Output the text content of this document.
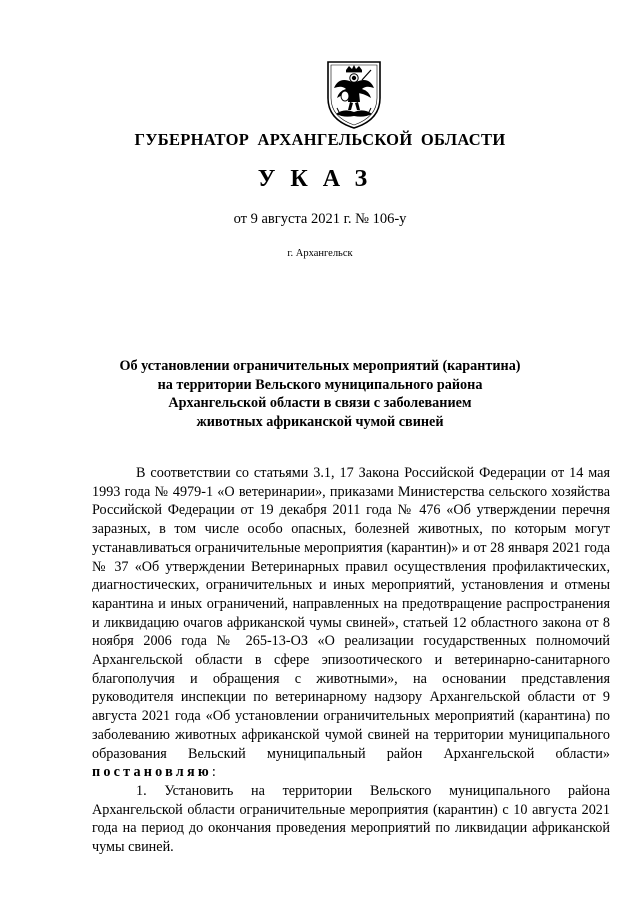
ГУБЕРНАТОР АРХАНГЕЛЬСКОЙ ОБЛАСТИ
УКАЗ
от 9 августа 2021 г. № 106-у
г. Архангельск
Об установлении ограничительных мероприятий (карантина)
на территории Вельского муниципального района
Архангельской области в связи с заболеванием
животных африканской чумой свиней

В соответствии со статьями 3.1, 17 Закона Российской Федерации от 14 мая 1993 года № 4979-1 «О ветеринарии», приказами Министерства сельского хозяйства Российской Федерации от 19 декабря 2011 года № 476 «Об утверждении перечня заразных, в том числе особо опасных, болезней животных, по которым могут устанавливаться ограничительные мероприятия (карантин)» и от 28 января 2021 года № 37 «Об утверждении Ветеринарных правил осуществления профилактических, диагностических, ограничительных и иных мероприятий, установления и отмены карантина и иных ограничений, направленных на предотвращение распространения и ликвидацию очагов африканской чумы свиней», статьей 12 областного закона от 8 ноября 2006 года № 265-13-ОЗ «О реализации государственных полномочий Архангельской области в сфере эпизоотического и ветеринарно-санитарного благополучия и обращения с животными», на основании представления руководителя инспекции по ветеринарному надзору Архангельской области от 9 августа 2021 года «Об установлении ограничительных мероприятий (карантина) по заболеванию животных африканской чумой свиней на территории муниципального образования Вельский муниципальный район Архангельской области» постановляю:

1. Установить на территории Вельского муниципального района Архангельской области ограничительные мероприятия (карантин) с 10 августа 2021 года на период до окончания проведения мероприятий по ликвидации африканской чумы свиней.
